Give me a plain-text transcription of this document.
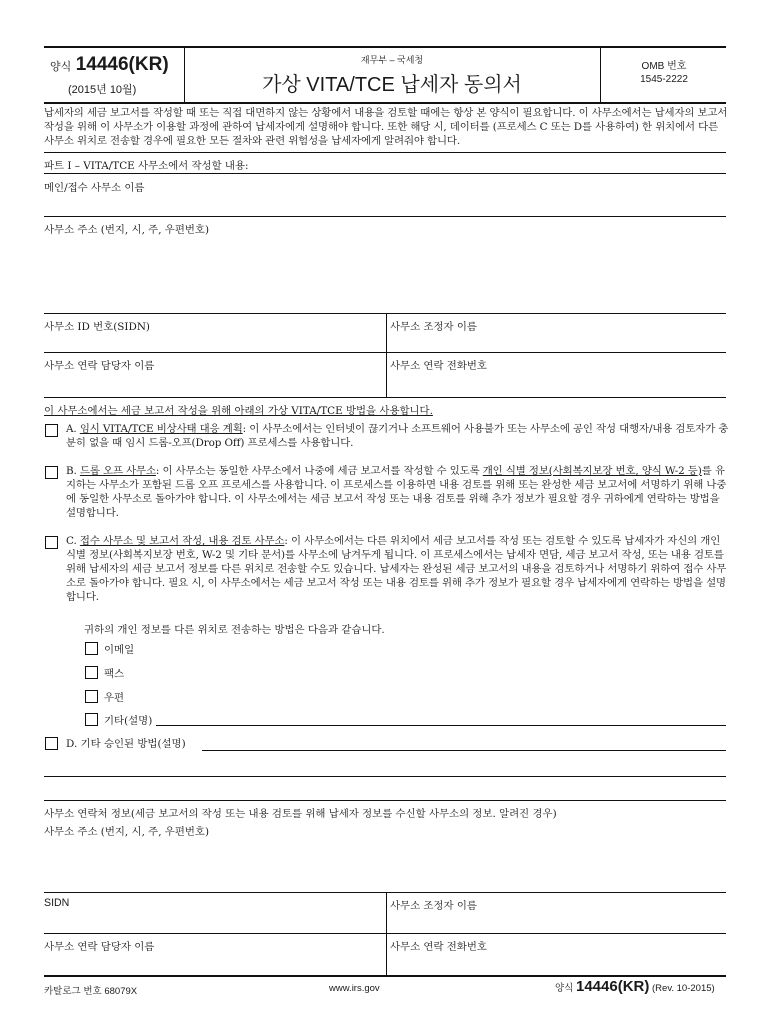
양식 14446(KR)
(2015년 10월)
재무부 – 국세청
가상 VITA/TCE 납세자 동의서
OMB 번호
1545-2222
납세자의 세금 보고서를 작성할 때 또는 직접 대면하지 않는 상황에서 내용을 검토할 때에는 항상 본 양식이 필요합니다. 이 사무소에서는 납세자의 보고서 작성을 위해 이 사무소가 이용할 과정에 관하여 납세자에게 설명해야 합니다. 또한 해당 시, 데이터를 (프로세스 C 또는 D를 사용하여) 한 위치에서 다른 사무소 위치로 전송할 경우에 필요한 모든 절차와 관련 위험성을 납세자에게 알려줘야 합니다.
파트 I – VITA/TCE 사무소에서 작성할 내용:
메인/접수 사무소 이름
사무소 주소 (번지, 시, 주, 우편번호)
사무소 ID 번호(SIDN)	사무소 조정자 이름
사무소 연락 담당자 이름	사무소 연락 전화번호
이 사무소에서는 세금 보고서 작성을 위해 아래의 가상 VITA/TCE 방법을 사용합니다.
A. 임시 VITA/TCE 비상사태 대응 계획: 이 사무소에서는 인터넷이 끊기거나 소프트웨어 사용불가 또는 사무소에 공인 작성 대행자/내용 검토자가 충분히 없을 때 임시 드롭-오프(Drop Off) 프로세스를 사용합니다.
B. 드롭 오프 사무소: 이 사무소는 동일한 사무소에서 나중에 세금 보고서를 작성할 수 있도록 개인 식별 정보(사회복지보장 번호, 양식 W-2 등)를 유지하는 사무소가 포함된 드롭 오프 프로세스를 사용합니다. 이 프로세스를 이용하면 내용 검토를 위해 또는 완성한 세금 보고서에 서명하기 위해 나중에 동일한 사무소로 돌아가야 합니다. 이 사무소에서는 세금 보고서 작성 또는 내용 검토를 위해 추가 정보가 필요할 경우 귀하에게 연락하는 방법을 설명합니다.
C. 접수 사무소 및 보고서 작성, 내용 검토 사무소: 이 사무소에서는 다른 위치에서 세금 보고서를 작성 또는 검토할 수 있도록 납세자가 자신의 개인 식별 정보(사회복지보장 번호, W-2 및 기타 문서)를 사무소에 남겨두게 됩니다. 이 프로세스에서는 납세자 면담, 세금 보고서 작성, 또는 내용 검토를 위해 납세자의 세금 보고서 정보를 다른 위치로 전송할 수도 있습니다. 납세자는 완성된 세금 보고서의 내용을 검토하거나 서명하기 위하여 접수 사무소로 돌아가야 합니다. 필요 시, 이 사무소에서는 세금 보고서 작성 또는 내용 검토를 위해 추가 정보가 필요할 경우 납세자에게 연락하는 방법을 설명합니다.
귀하의 개인 정보를 다른 위치로 전송하는 방법은 다음과 같습니다.
이메일
팩스
우편
기타(설명)
D. 기타 승인된 방법(설명)
사무소 연락처 정보(세금 보고서의 작성 또는 내용 검토를 위해 납세자 정보를 수신할 사무소의 정보. 알려진 경우)
사무소 주소 (번지, 시, 주, 우편번호)
SIDN	사무소 조정자 이름
사무소 연락 담당자 이름	사무소 연락 전화번호
카탈로그 번호 68079X	www.irs.gov	양식 14446(KR) (Rev. 10-2015)
